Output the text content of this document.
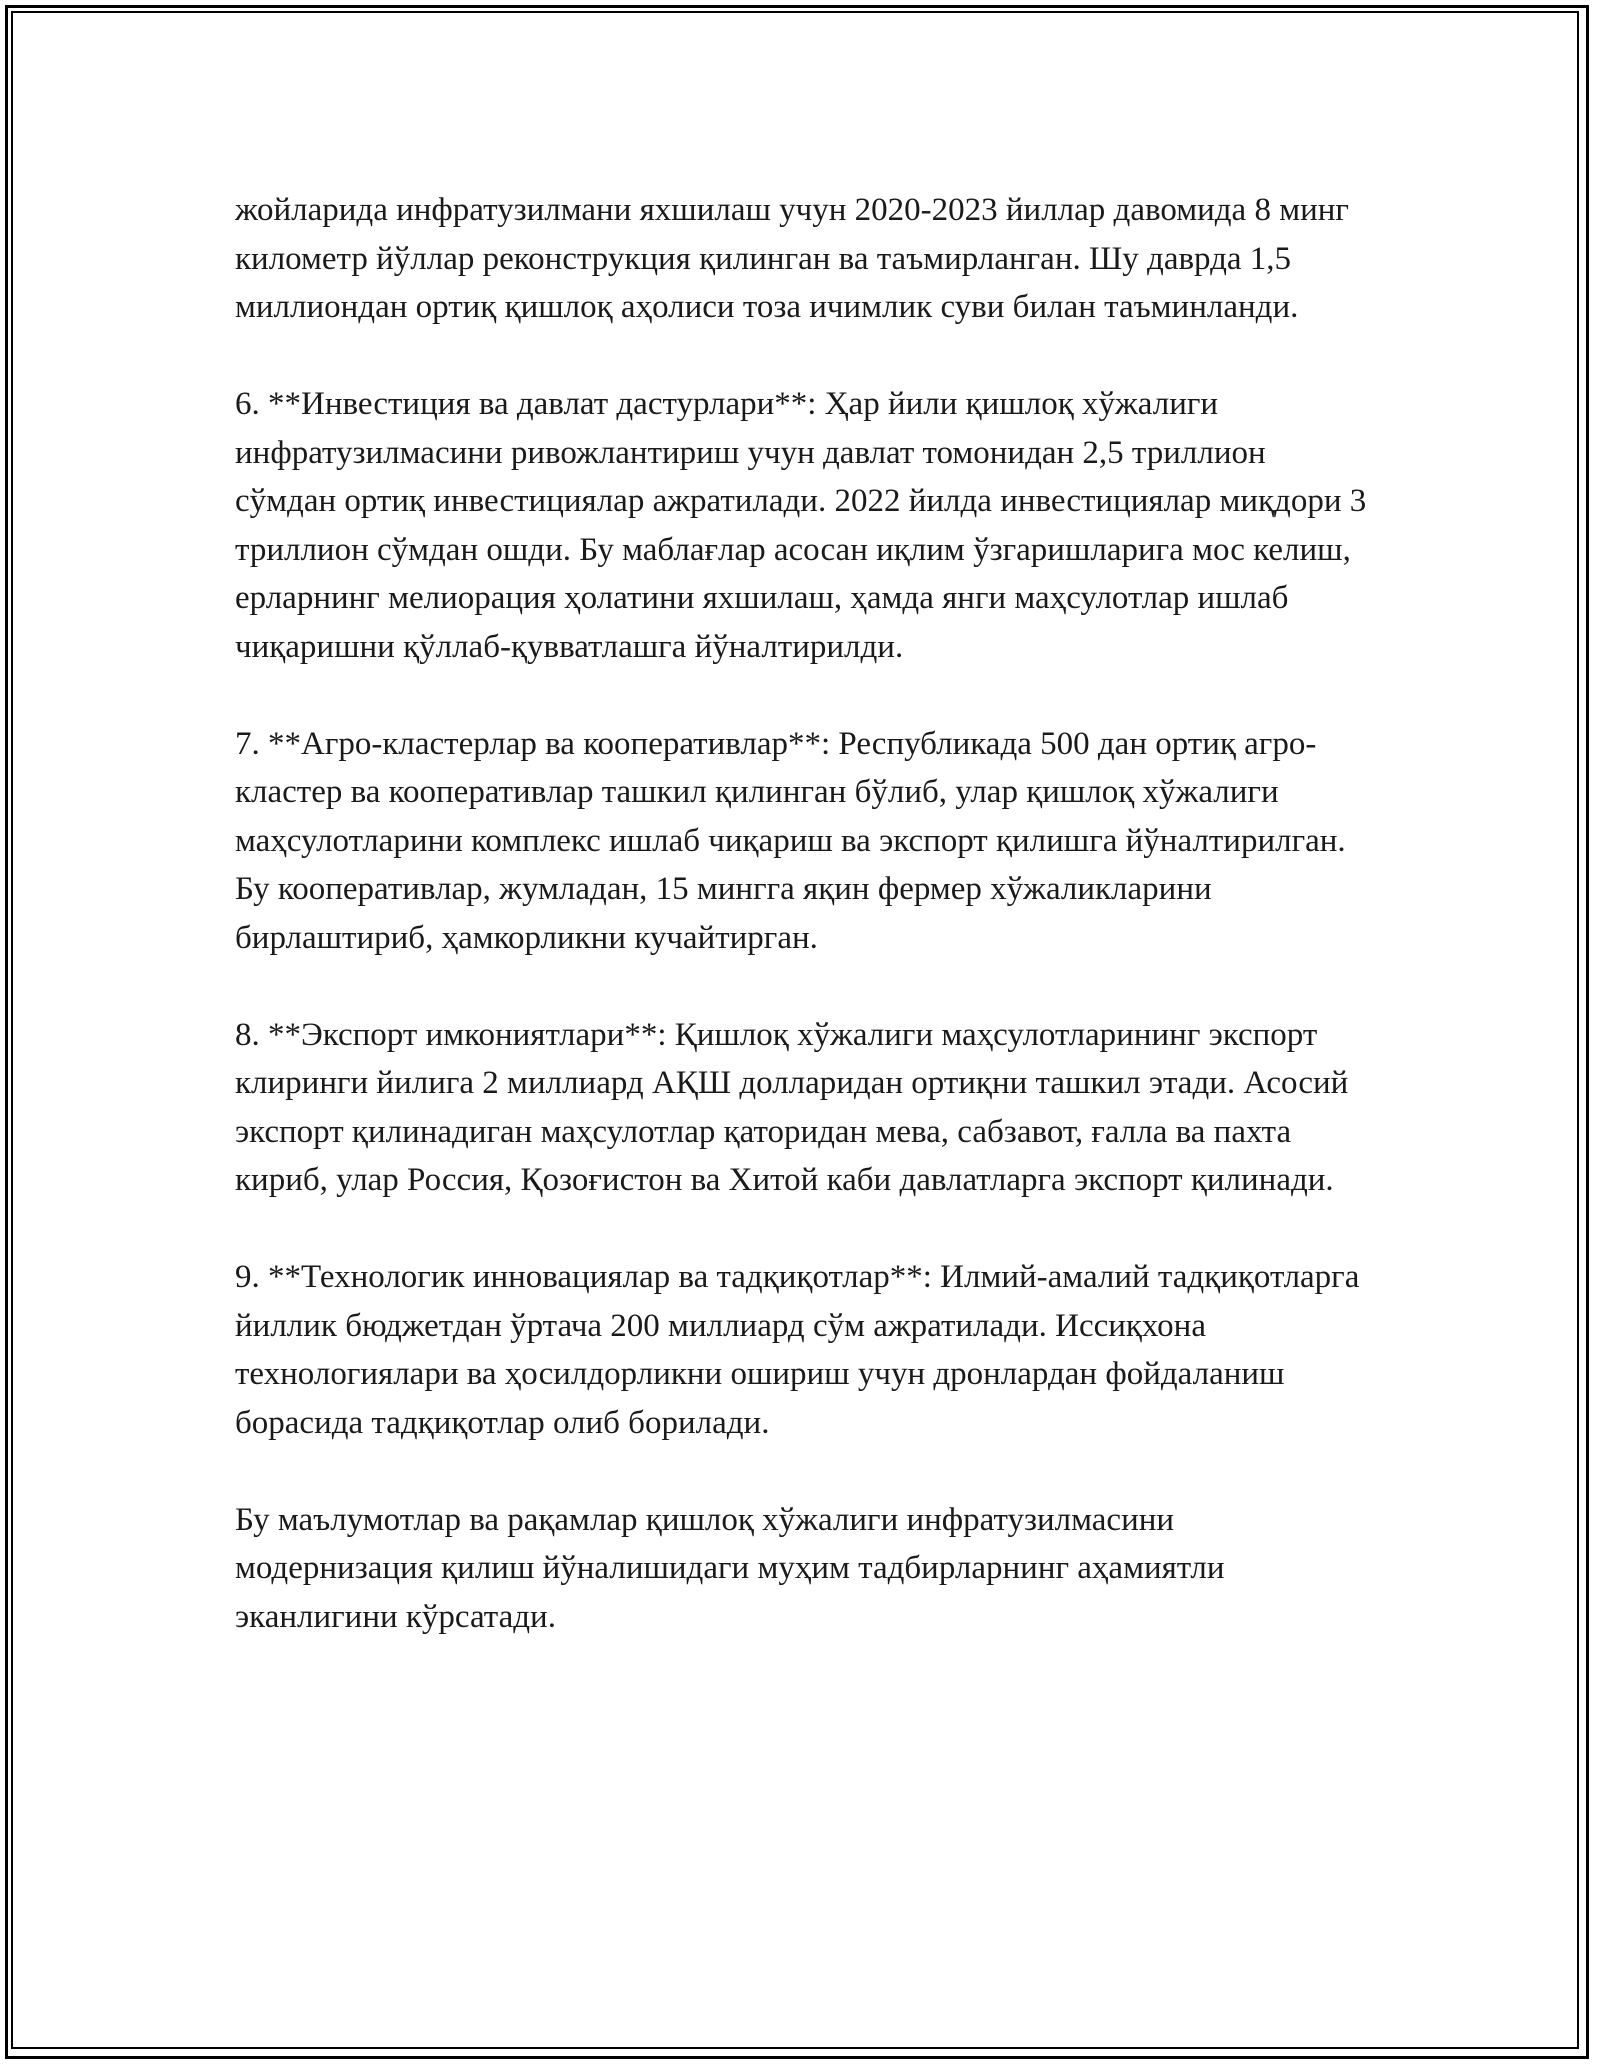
жойларида инфратузилмани яхшилаш учун 2020-2023 йиллар давомида 8 минг километр йўллар реконструкция қилинган ва таъмирланган. Шу даврда 1,5 миллиондан ортиқ қишлоқ аҳолиси тоза ичимлик суви билан таъминланди.

6. **Инвестиция ва давлат дастурлари**: Ҳар йили қишлоқ хўжалиги инфратузилмасини ривожлантириш учун давлат томонидан 2,5 триллион сўмдан ортиқ инвестициялар ажратилади. 2022 йилда инвестициялар миқдори 3 триллион сўмдан ошди. Бу маблағлар асосан иқлим ўзгаришларига мос келиш, ерларнинг мелиорация ҳолатини яхшилаш, ҳамда янги маҳсулотлар ишлаб чиқаришни қўллаб-қувватлашга йўналтирилди.

7. **Агро-кластерлар ва кооперативлар**: Республикада 500 дан ортиқ агро-кластер ва кооперативлар ташкил қилинган бўлиб, улар қишлоқ хўжалиги маҳсулотларини комплекс ишлаб чиқариш ва экспорт қилишга йўналтирилган. Бу кооперативлар, жумладан, 15 мингга яқин фермер хўжаликларини бирлаштириб, ҳамкорликни кучайтирган.

8. **Экспорт имкониятлари**: Қишлоқ хўжалиги маҳсулотларининг экспорт клиринги йилига 2 миллиард АҚШ долларидан ортиқни ташкил этади. Асосий экспорт қилинадиган маҳсулотлар қаторидан мева, сабзавот, ғалла ва пахта кириб, улар Россия, Қозоғистон ва Хитой каби давлатларга экспорт қилинади.

9. **Технологик инновациялар ва тадқиқотлар**: Илмий-амалий тадқиқотларга йиллик бюджетдан ўртача 200 миллиард сўм ажратилади. Иссиқхона технологиялари ва ҳосилдорликни ошириш учун дронлардан фойдаланиш борасида тадқиқотлар олиб борилади.

Бу маълумотлар ва рақамлар қишлоқ хўжалиги инфратузилмасини модернизация қилиш йўналишидаги муҳим тадбирларнинг аҳамиятли эканлигини кўрсатади.
